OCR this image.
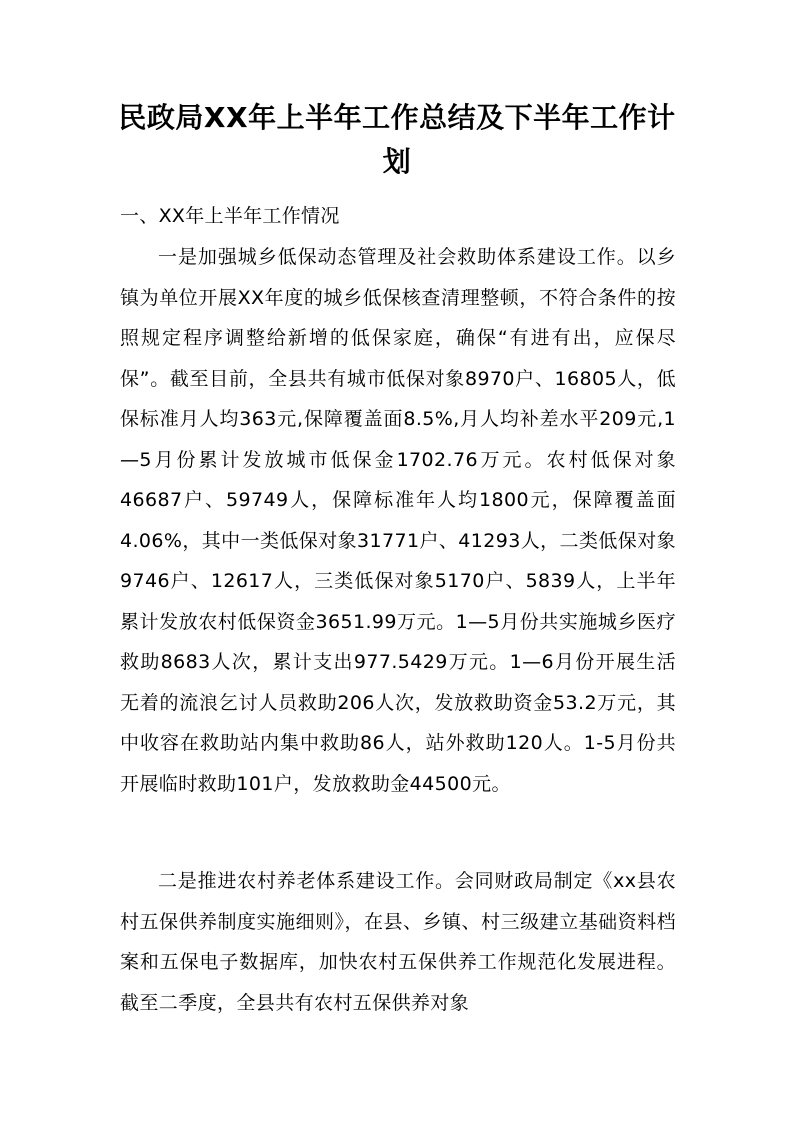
民政局XX年上半年工作总结及下半年工作计划
一、XX年上半年工作情况

一是加强城乡低保动态管理及社会救助体系建设工作。以乡镇为单位开展XX年度的城乡低保核查清理整顿，不符合条件的按照规定程序调整给新增的低保家庭，确保“有进有出，应保尽保”。截至目前，全县共有城市低保对象8970户、16805人，低保标准月人均363元,保障覆盖面8.5%,月人均补差水平209元,1—5月份累计发放城市低保金1702.76万元。农村低保对象46687户、59749人，保障标准年人均1800元，保障覆盖面4.06%，其中一类低保对象31771户、41293人，二类低保对象9746户、12617人，三类低保对象5170户、5839人，上半年累计发放农村低保资金3651.99万元。1—5月份共实施城乡医疗救助8683人次，累计支出977.5429万元。1—6月份开展生活无着的流浪乞讨人员救助206人次，发放救助资金53.2万元，其中收容在救助站内集中救助86人，站外救助120人。1-5月份共开展临时救助101户，发放救助金44500元。

二是推进农村养老体系建设工作。会同财政局制定《xx县农村五保供养制度实施细则》，在县、乡镇、村三级建立基础资料档案和五保电子数据库，加快农村五保供养工作规范化发展进程。截至二季度，全县共有农村五保供养对象
